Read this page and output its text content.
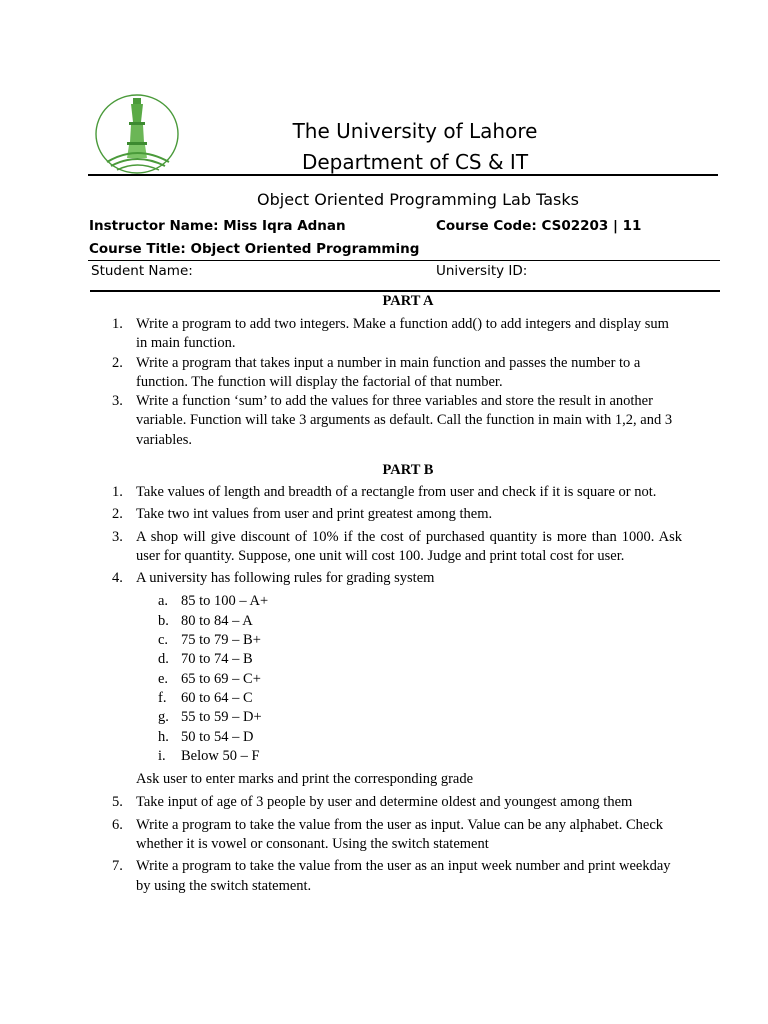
The University of Lahore
Department of CS & IT
Object Oriented Programming Lab Tasks
Instructor Name: Miss Iqra Adnan	Course Code: CS02203 | 11
Course Title: Object Oriented Programming
Student Name:	University ID:
PART A
1. Write a program to add two integers. Make a function add() to add integers and display sum in main function.
2. Write a program that takes input a number in main function and passes the number to a function. The function will display the factorial of that number.
3. Write a function ‘sum’ to add the values for three variables and store the result in another variable. Function will take 3 arguments as default. Call the function in main with 1,2, and 3 variables.
PART B
1. Take values of length and breadth of a rectangle from user and check if it is square or not.
2. Take two int values from user and print greatest among them.
3. A shop will give discount of 10% if the cost of purchased quantity is more than 1000. Ask user for quantity. Suppose, one unit will cost 100. Judge and print total cost for user.
4. A university has following rules for grading system
a. 85 to 100 – A+
b. 80 to 84 – A
c. 75 to 79 – B+
d. 70 to 74 – B
e. 65 to 69 – C+
f. 60 to 64 – C
g. 55 to 59 – D+
h. 50 to 54 – D
i. Below 50 – F
Ask user to enter marks and print the corresponding grade
5. Take input of age of 3 people by user and determine oldest and youngest among them
6. Write a program to take the value from the user as input. Value can be any alphabet. Check whether it is vowel or consonant. Using the switch statement
7. Write a program to take the value from the user as an input week number and print weekday by using the switch statement.
